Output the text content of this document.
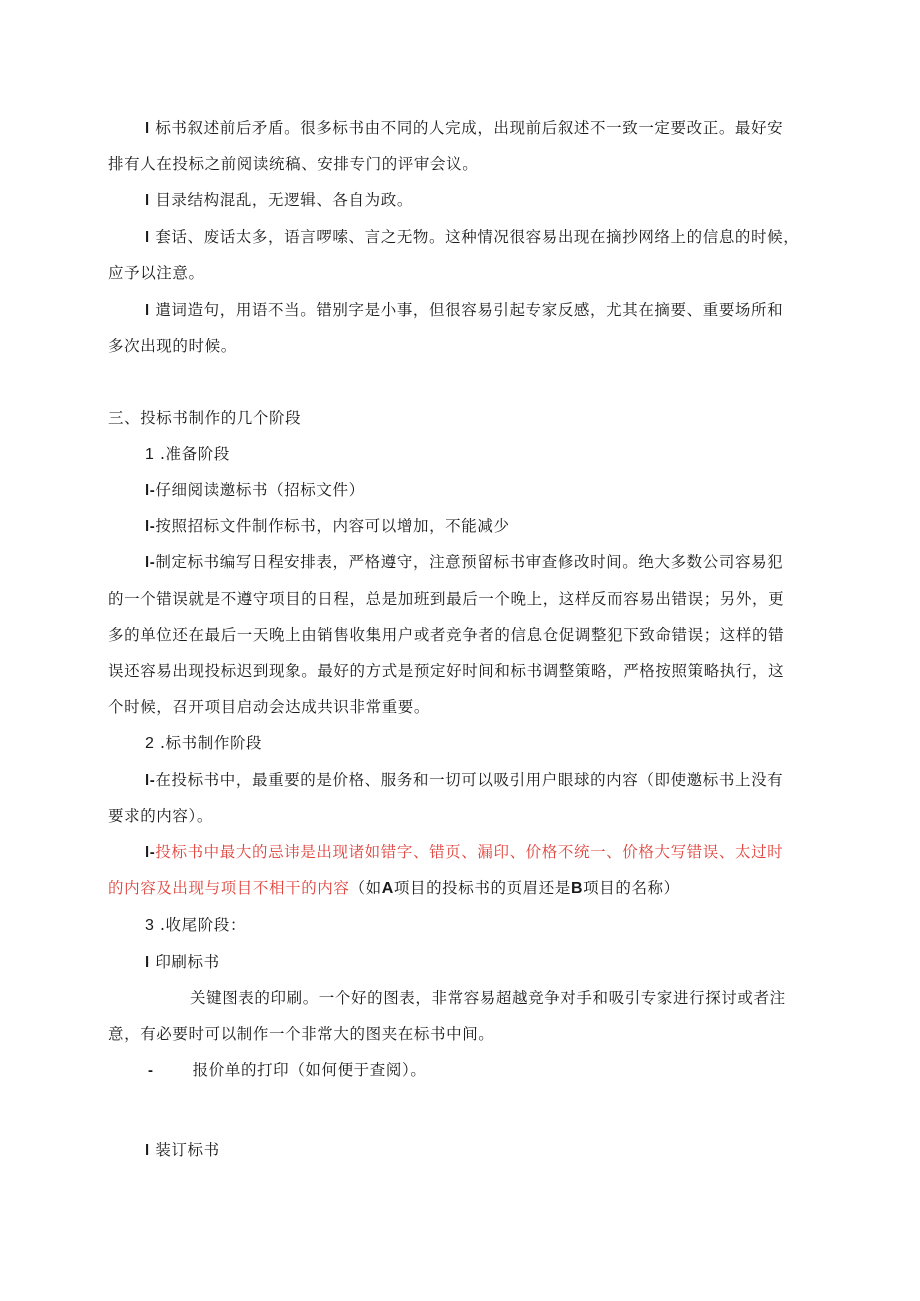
l 标书叙述前后矛盾。很多标书由不同的人完成，出现前后叙述不一致一定要改正。最好安
排有人在投标之前阅读统稿、安排专门的评审会议。
l 目录结构混乱，无逻辑、各自为政。
l 套话、废话太多，语言啰嗦、言之无物。这种情况很容易出现在摘抄网络上的信息的时候，
应予以注意。
l 遣词造句，用语不当。错别字是小事，但很容易引起专家反感，尤其在摘要、重要场所和
多次出现的时候。
三、投标书制作的几个阶段
1 .准备阶段
l-仔细阅读邀标书（招标文件）
l-按照招标文件制作标书，内容可以增加，不能减少
l-制定标书编写日程安排表，严格遵守，注意预留标书审查修改时间。绝大多数公司容易犯
的一个错误就是不遵守项目的日程，总是加班到最后一个晚上，这样反而容易出错误；另外，更
多的单位还在最后一天晚上由销售收集用户或者竞争者的信息仓促调整犯下致命错误；这样的错
误还容易出现投标迟到现象。最好的方式是预定好时间和标书调整策略，严格按照策略执行，这
个时候，召开项目启动会达成共识非常重要。
2 .标书制作阶段
l-在投标书中，最重要的是价格、服务和一切可以吸引用户眼球的内容（即使邀标书上没有
要求的内容）。
l-投标书中最大的忌讳是出现诸如错字、错页、漏印、价格不统一、价格大写错误、太过时
的内容及出现与项目不相干的内容（如A项目的投标书的页眉还是B项目的名称）
3 .收尾阶段：
l 印刷标书
关键图表的印刷。一个好的图表，非常容易超越竞争对手和吸引专家进行探讨或者注
意，有必要时可以制作一个非常大的图夹在标书中间。
-	报价单的打印（如何便于查阅）。
l 装订标书
